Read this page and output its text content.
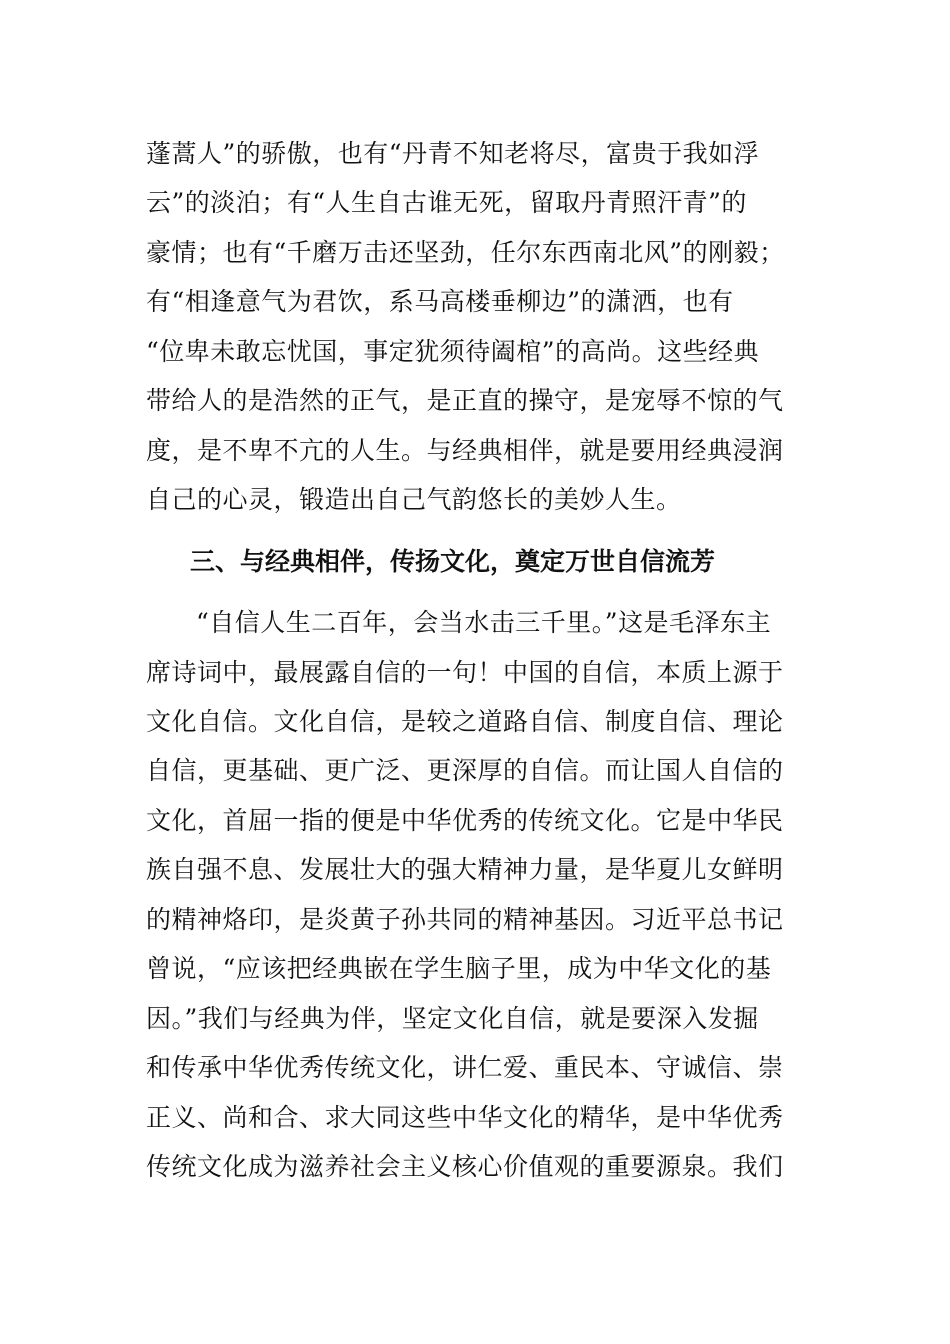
蓬蒿人”的骄傲，也有“丹青不知老将尽，富贵于我如浮
云”的淡泊；有“人生自古谁无死，留取丹青照汗青”的
豪情；也有“千磨万击还坚劲，任尔东西南北风”的刚毅；
有“相逢意气为君饮，系马高楼垂柳边”的潇洒，也有
“位卑未敢忘忧国，事定犹须待阖棺”的高尚。这些经典
带给人的是浩然的正气，是正直的操守，是宠辱不惊的气
度，是不卑不亢的人生。与经典相伴，就是要用经典浸润
自己的心灵，锻造出自己气韵悠长的美妙人生。
三、与经典相伴，传扬文化，奠定万世自信流芳
“自信人生二百年，会当水击三千里。”这是毛泽东主
席诗词中，最展露自信的一句！中国的自信，本质上源于
文化自信。文化自信，是较之道路自信、制度自信、理论
自信，更基础、更广泛、更深厚的自信。而让国人自信的
文化，首屈一指的便是中华优秀的传统文化。它是中华民
族自强不息、发展壮大的强大精神力量，是华夏儿女鲜明
的精神烙印，是炎黄子孙共同的精神基因。习近平总书记
曾说，“应该把经典嵌在学生脑子里，成为中华文化的基
因。”我们与经典为伴，坚定文化自信，就是要深入发掘
和传承中华优秀传统文化，讲仁爱、重民本、守诚信、崇
正义、尚和合、求大同这些中华文化的精华，是中华优秀
传统文化成为滋养社会主义核心价值观的重要源泉。我们
